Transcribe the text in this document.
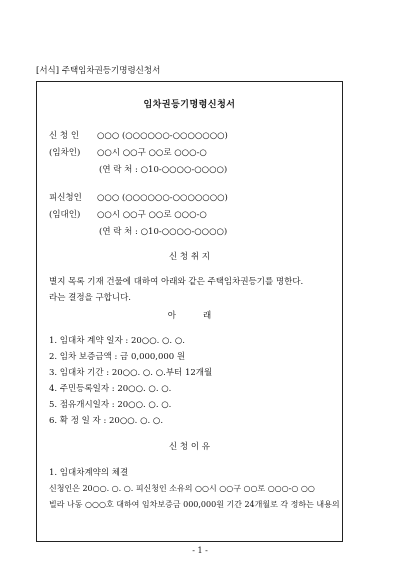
[서식] 주택임차권등기명령신청서
임차권등기명령신청서
신 청 인 ○○○ (○○○○○○-○○○○○○○)
(임차인) ○○시 ○○구 ○○로 ○○○-○
(연 락 처 : ○10-○○○○-○○○○)
피신청인 ○○○ (○○○○○○-○○○○○○○)
(임대인) ○○시 ○○구 ○○로 ○○○-○
(연 락 처 : ○10-○○○○-○○○○)
신 청 취 지
별지 목록 기재 건물에 대하여 아래와 같은 주택임차권등기를 명한다.
라는 결정을 구합니다.
아          래
1. 임대차 계약 일자 : 20○○. ○. ○.
2. 임차 보증금액 : 금 0,000,000 원
3. 임대차 기간 : 20○○. ○. ○.부터 12개월
4. 주민등록일자 : 20○○. ○. ○.
5. 점유개시일자 : 20○○. ○. ○.
6. 확 정 일 자 : 20○○. ○. ○.
신 청 이 유
1. 임대차계약의 체결
신청인은 20○○. ○. ○. 피신청인 소유의 ○○시 ○○구 ○○로 ○○○-○ ○○
빌라 나동 ○○○호 대하여 임차보증금 000,000원 기간 24개월로 각 정하는 내용의
- 1 -
